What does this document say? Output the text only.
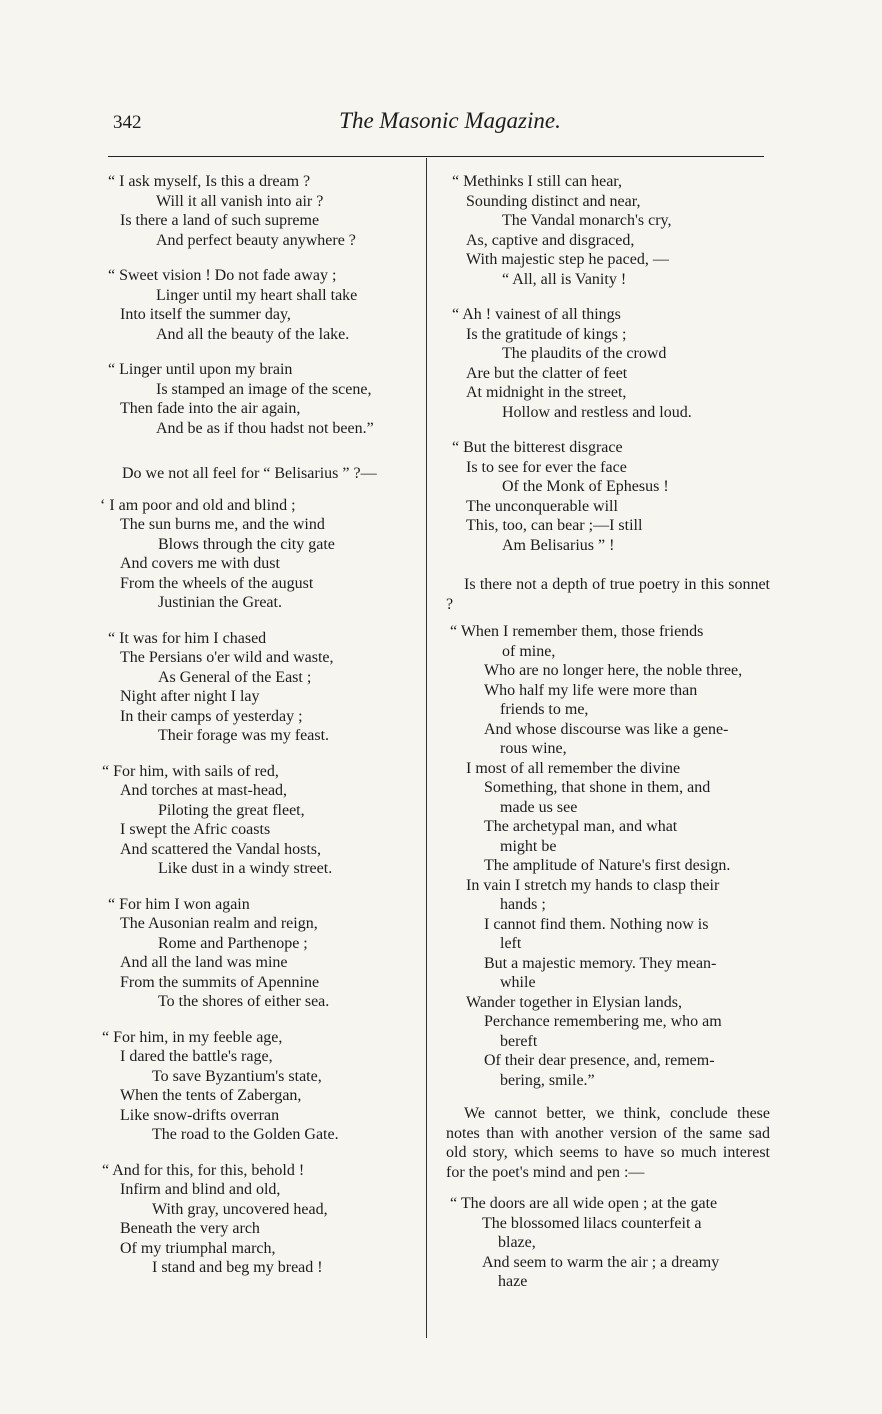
342	The Masonic Magazine.
“ I ask myself, Is this a dream ?
Will it all vanish into air ?
Is there a land of such supreme
And perfect beauty anywhere ?
“ Sweet vision ! Do not fade away ;
Linger until my heart shall take
Into itself the summer day,
And all the beauty of the lake.
“ Linger until upon my brain
Is stamped an image of the scene,
Then fade into the air again,
And be as if thou hadst not been.”

Do we not all feel for “ Belisarius ” ?—

‘ I am poor and old and blind ;
The sun burns me, and the wind
Blows through the city gate
And covers me with dust
From the wheels of the august
Justinian the Great.
“ It was for him I chased
The Persians o'er wild and waste,
As General of the East ;
Night after night I lay
In their camps of yesterday ;
Their forage was my feast.
“ For him, with sails of red,
And torches at mast-head,
Piloting the great fleet,
I swept the Afric coasts
And scattered the Vandal hosts,
Like dust in a windy street.
“ For him I won again
The Ausonian realm and reign,
Rome and Parthenope ;
And all the land was mine
From the summits of Apennine
To the shores of either sea.
“ For him, in my feeble age,
I dared the battle's rage,
To save Byzantium's state,
When the tents of Zabergan,
Like snow-drifts overran
The road to the Golden Gate.
“ And for this, for this, behold !
Infirm and blind and old,
With gray, uncovered head,
Beneath the very arch
Of my triumphal march,
I stand and beg my bread !
“ Methinks I still can hear,
Sounding distinct and near,
The Vandal monarch's cry,
As, captive and disgraced,
With majestic step he paced, —
“ All, all is Vanity !
“ Ah ! vainest of all things
Is the gratitude of kings ;
The plaudits of the crowd
Are but the clatter of feet
At midnight in the street,
Hollow and restless and loud.
“ But the bitterest disgrace
Is to see for ever the face
Of the Monk of Ephesus !
The unconquerable will
This, too, can bear ;—I still
Am Belisarius ” !

Is there not a depth of true poetry in this sonnet ?

“ When I remember them, those friends
of mine,
Who are no longer here, the noble three,
Who half my life were more than
friends to me,
And whose discourse was like a gene-
rous wine,
I most of all remember the divine
Something, that shone in them, and
made us see
The archetypal man, and what
might be
The amplitude of Nature's first design.
In vain I stretch my hands to clasp their
hands ;
I cannot find them. Nothing now is
left
But a majestic memory. They mean-
while
Wander together in Elysian lands,
Perchance remembering me, who am
bereft
Of their dear presence, and, remem-
bering, smile.”

We cannot better, we think, conclude these notes than with another version of the same sad old story, which seems to have so much interest for the poet's mind and pen :—

“ The doors are all wide open ; at the gate
The blossomed lilacs counterfeit a
blaze,
And seem to warm the air ; a dreamy
haze
